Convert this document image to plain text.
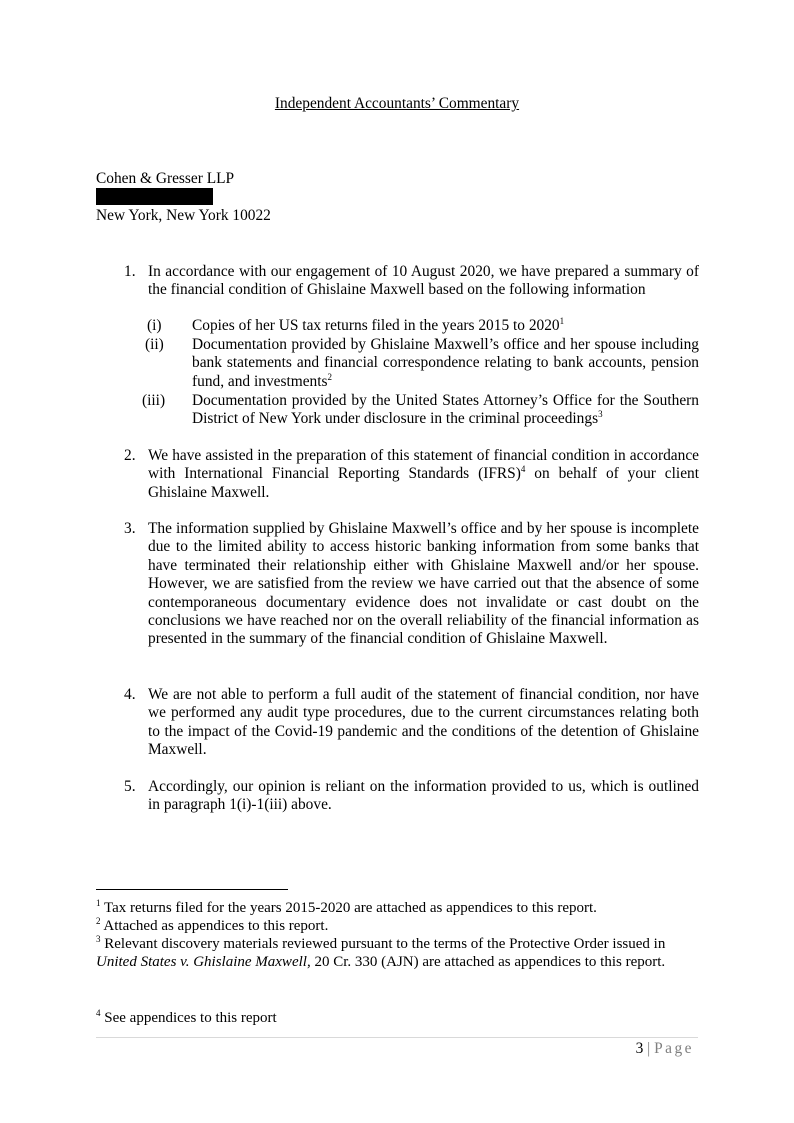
Independent Accountants’ Commentary
Cohen & Gresser LLP
New York, New York 10022
1. In accordance with our engagement of 10 August 2020, we have prepared a summary of the financial condition of Ghislaine Maxwell based on the following information
(i)	Copies of her US tax returns filed in the years 2015 to 2020$^1$
(ii)	Documentation provided by Ghislaine Maxwell’s office and her spouse including bank statements and financial correspondence relating to bank accounts, pension fund, and investments$^2$
(iii)	Documentation provided by the United States Attorney’s Office for the Southern District of New York under disclosure in the criminal proceedings$^3$
2. We have assisted in the preparation of this statement of financial condition in accordance with International Financial Reporting Standards (IFRS)$^4$ on behalf of your client Ghislaine Maxwell.
3. The information supplied by Ghislaine Maxwell’s office and by her spouse is incomplete due to the limited ability to access historic banking information from some banks that have terminated their relationship either with Ghislaine Maxwell and/or her spouse. However, we are satisfied from the review we have carried out that the absence of some contemporaneous documentary evidence does not invalidate or cast doubt on the conclusions we have reached nor on the overall reliability of the financial information as presented in the summary of the financial condition of Ghislaine Maxwell.
4. We are not able to perform a full audit of the statement of financial condition, nor have we performed any audit type procedures, due to the current circumstances relating both to the impact of the Covid-19 pandemic and the conditions of the detention of Ghislaine Maxwell.
5. Accordingly, our opinion is reliant on the information provided to us, which is outlined in paragraph 1(i)-1(iii) above.
$^1$ Tax returns filed for the years 2015-2020 are attached as appendices to this report.
$^2$ Attached as appendices to this report.
$^3$ Relevant discovery materials reviewed pursuant to the terms of the Protective Order issued in United States v. Ghislaine Maxwell, 20 Cr. 330 (AJN) are attached as appendices to this report.
$^4$ See appendices to this report
3 | Page
